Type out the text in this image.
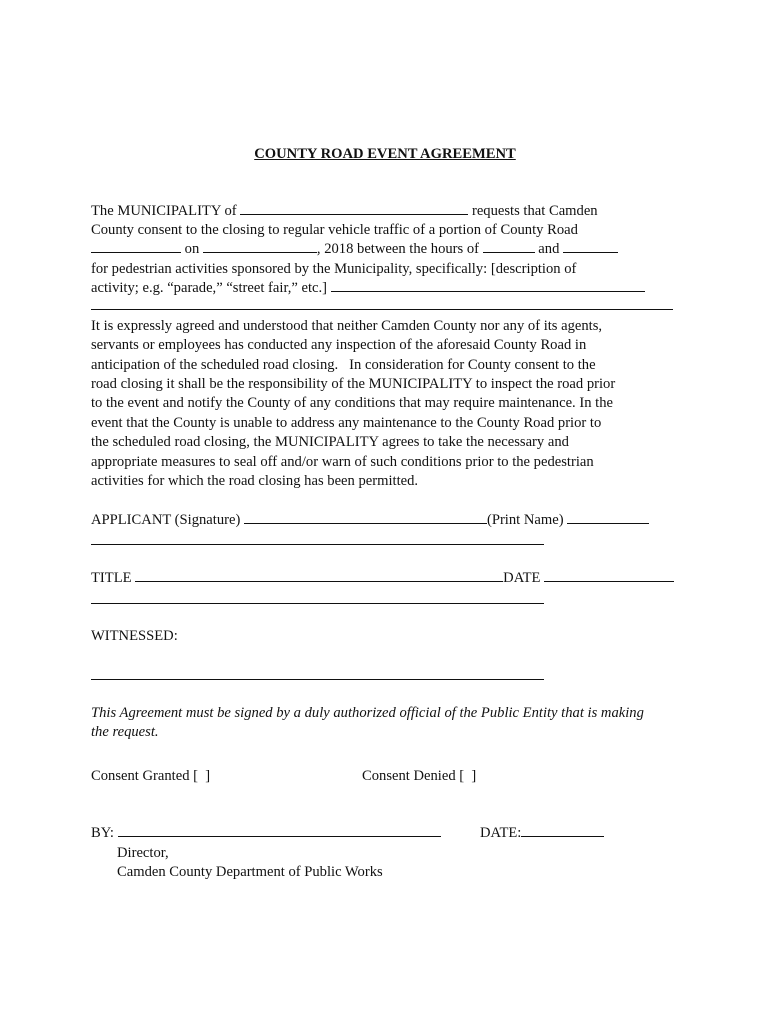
COUNTY ROAD EVENT AGREEMENT
The MUNICIPALITY of	requests that Camden
County consent to the closing to regular vehicle traffic of a portion of County Road
on	, 2018 between the hours of	and
for pedestrian activities sponsored by the Municipality, specifically: [description of
activity; e.g. “parade,” “street fair,” etc.]
It is expressly agreed and understood that neither Camden County nor any of its agents,
servants or employees has conducted any inspection of the aforesaid County Road in
anticipation of the scheduled road closing.   In consideration for County consent to the
road closing it shall be the responsibility of the MUNICIPALITY to inspect the road prior
to the event and notify the County of any conditions that may require maintenance. In the
event that the County is unable to address any maintenance to the County Road prior to
the scheduled road closing, the MUNICIPALITY agrees to take the necessary and
appropriate measures to seal off and/or warn of such conditions prior to the pedestrian
activities for which the road closing has been permitted.
APPLICANT (Signature)	(Print Name)
TITLE	DATE
WITNESSED:
This Agreement must be signed by a duly authorized official of the Public Entity that is making
the request.
Consent Granted [  ]	Consent Denied [  ]
BY:	DATE:
Director,
Camden County Department of Public Works
